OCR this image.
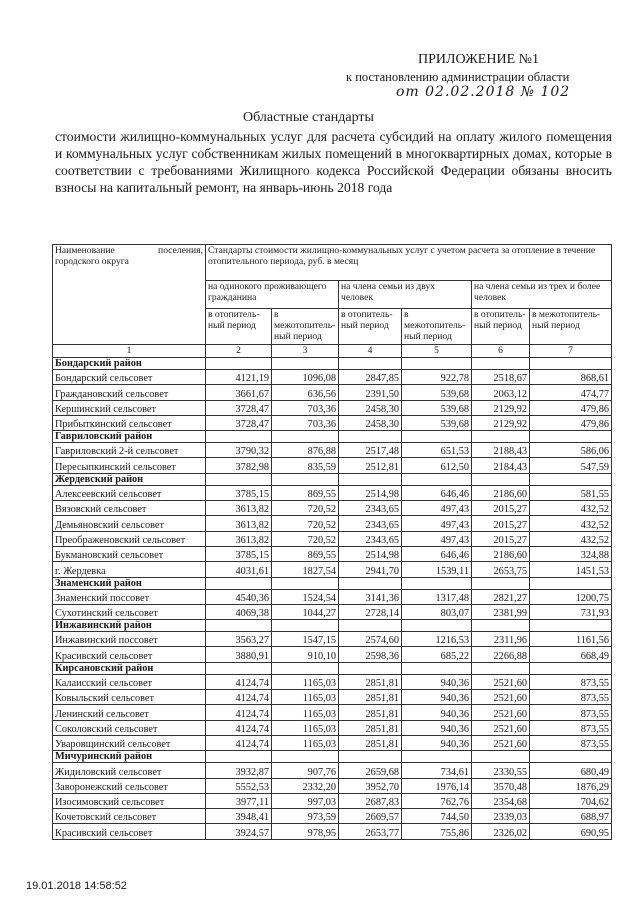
ПРИЛОЖЕНИЕ №1
к постановлению администрации области
от 02.02.2018 № 102
Областные стандарты
стоимости жилищно-коммунальных услуг для расчета субсидий на оплату жилого помещения и коммунальных услуг собственникам жилых помещений в многоквартирных домах, которые в соответствии с требованиями Жилищного кодекса Российской Федерации обязаны вносить взносы на капитальный ремонт, на январь-июнь 2018 года
Наименование поселения, городского округа	Стандарты стоимости жилищно-коммунальных услуг с учетом расчета за отопление в течение отопительного периода, руб. в месяц					
	на одинокого проживающего гражданина		на члена семьи из двух человек		на члена семьи из трех и более человек	
	в отопитель-ный период	в межотопитель-ный период	в отопитель-ный период	в межотопитель-ный период	в отопитель-ный период	в межотопитель-ный период
1	2	3	4	5	6	7
Бондарский район						
Бондарский сельсовет	4121,19	1096,08	2847,85	922,78	2518,67	868,61
Граждановский сельсовет	3661,67	636,56	2391,50	539,68	2063,12	474,77
Кершинский сельсовет	3728,47	703,36	2458,30	539,68	2129,92	479,86
Прибыткинский сельсовет	3728,47	703,36	2458,30	539,68	2129,92	479,86
Гавриловский район						
Гавриловский 2-й сельсовет	3790,32	876,88	2517,48	651,53	2188,43	586,06
Пересыпкинский сельсовет	3782,98	835,59	2512,81	612,50	2184,43	547,59
Жердевский район						
Алексеевский сельсовет	3785,15	869,55	2514,98	646,46	2186,60	581,55
Вязовский сельсовет	3613,82	720,52	2343,65	497,43	2015,27	432,52
Демьяновский сельсовет	3613,82	720,52	2343,65	497,43	2015,27	432,52
Преображеновский сельсовет	3613,82	720,52	2343,65	497,43	2015,27	432,52
Букмановский сельсовет	3785,15	869,55	2514,98	646,46	2186,60	324,88
г. Жердевка	4031,61	1827,54	2941,70	1539,11	2653,75	1451,53
Знаменский район						
Знаменский поссовет	4540,36	1524,54	3141,36	1317,48	2821,27	1200,75
Сухотинский сельсовет	4069,38	1044,27	2728,14	803,07	2381,99	731,93
Инжавинский район						
Инжавинский поссовет	3563,27	1547,15	2574,60	1216,53	2311,96	1161,56
Красивский сельсовет	3880,91	910,10	2598,36	685,22	2266,88	668,49
Кирсановский район						
Калаисский сельсовет	4124,74	1165,03	2851,81	940,36	2521,60	873,55
Ковыльский сельсовет	4124,74	1165,03	2851,81	940,36	2521,60	873,55
Ленинский сельсовет	4124,74	1165,03	2851,81	940,36	2521,60	873,55
Соколовский сельсовет	4124,74	1165,03	2851,81	940,36	2521,60	873,55
Уваровщинский сельсовет	4124,74	1165,03	2851,81	940,36	2521,60	873,55
Мичуринский район						
Жидиловский сельсовет	3932,87	907,76	2659,68	734,61	2330,55	680,49
Заворонежский сельсовет	5552,53	2332,20	3952,70	1976,14	3570,48	1876,29
Изосимовский сельсовет	3977,11	997,03	2687,83	762,76	2354,68	704,62
Кочетовский сельсовет	3948,41	973,59	2669,57	744,50	2339,03	688,97
Красивский сельсовет	3924,57	978,95	2653,77	755,86	2326,02	690,95
19.01.2018 14:58:52
